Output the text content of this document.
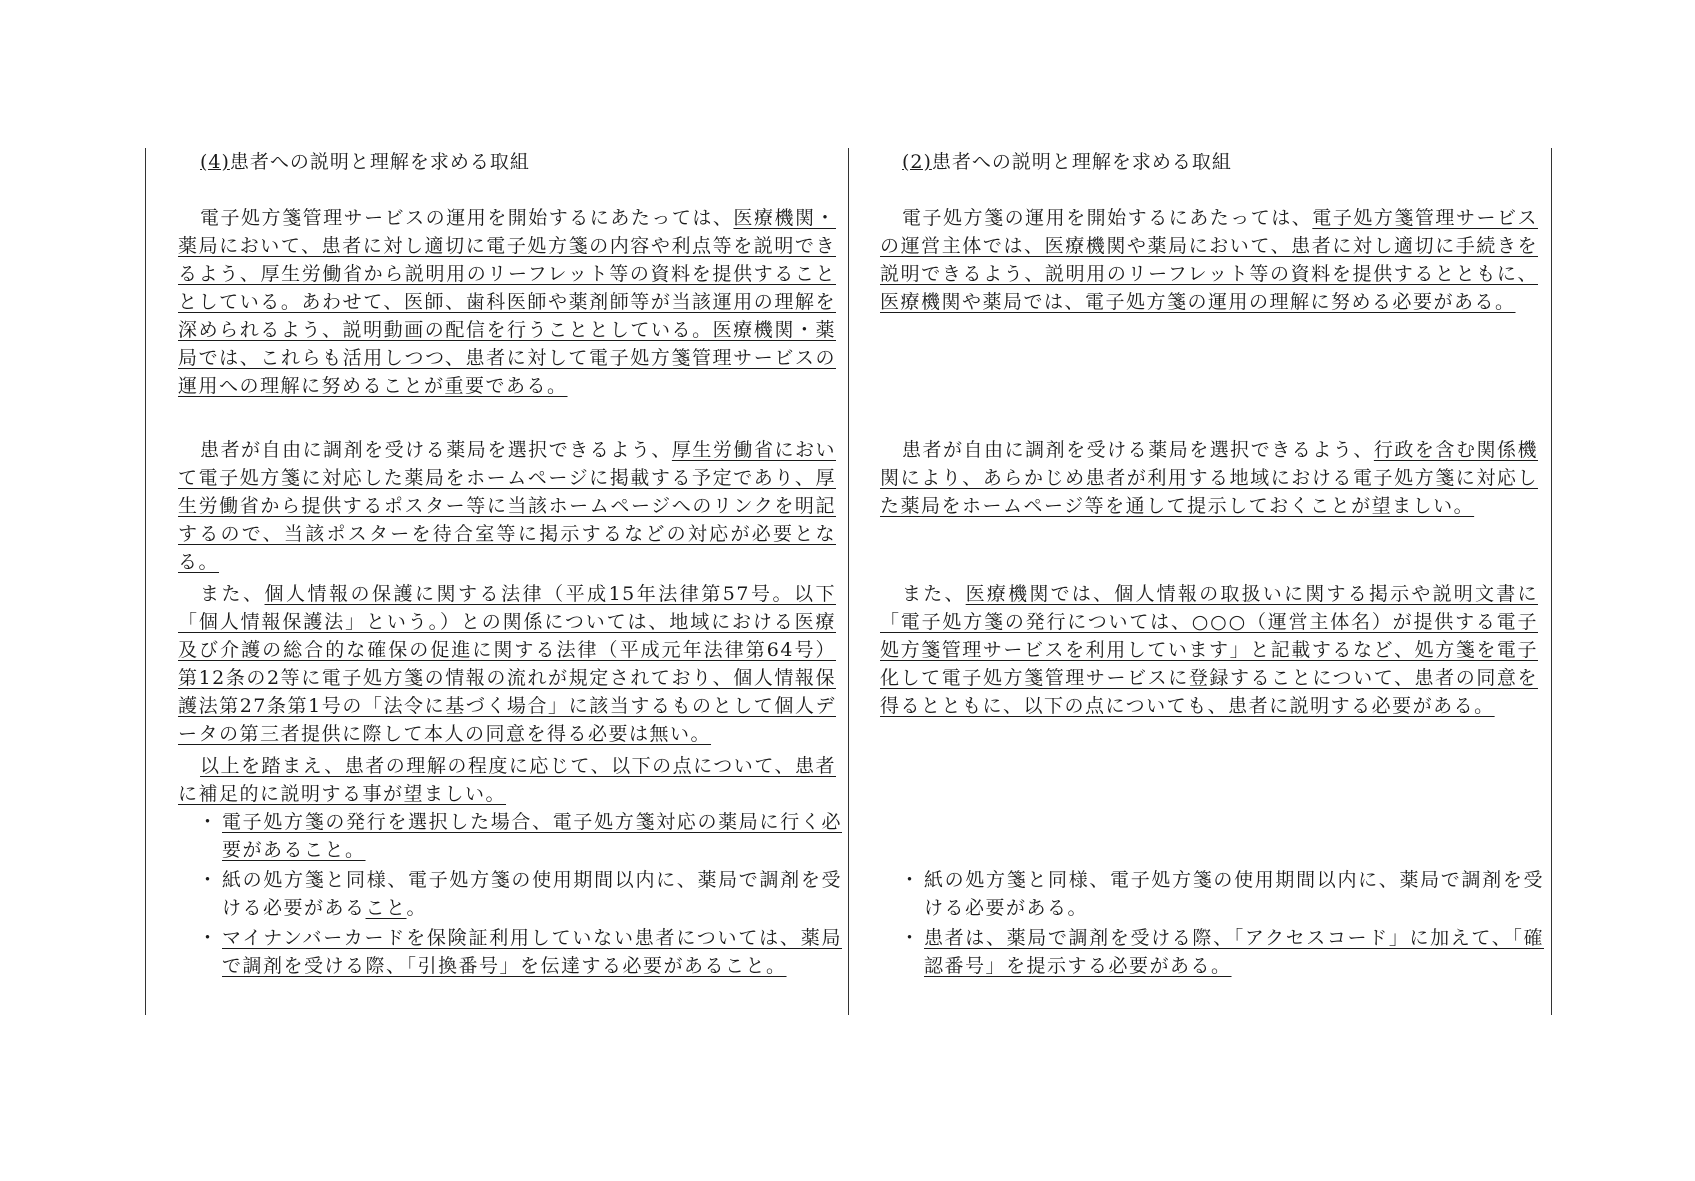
(4)患者への説明と理解を求める取組

電子処方箋管理サービスの運用を開始するにあたっては、医療機関・薬局において、患者に対し適切に電子処方箋の内容や利点等を説明できるよう、厚生労働省から説明用のリーフレット等の資料を提供することとしている。あわせて、医師、歯科医師や薬剤師等が当該運用の理解を深められるよう、説明動画の配信を行うこととしている。医療機関・薬局では、これらも活用しつつ、患者に対して電子処方箋管理サービスの運用への理解に努めることが重要である。

患者が自由に調剤を受ける薬局を選択できるよう、厚生労働省において電子処方箋に対応した薬局をホームページに掲載する予定であり、厚生労働省から提供するポスター等に当該ホームページへのリンクを明記するので、当該ポスターを待合室等に掲示するなどの対応が必要となる。

また、個人情報の保護に関する法律（平成15年法律第57号。以下「個人情報保護法」という。）との関係については、地域における医療及び介護の総合的な確保の促進に関する法律（平成元年法律第64号）第12条の2等に電子処方箋の情報の流れが規定されており、個人情報保護法第27条第1号の「法令に基づく場合」に該当するものとして個人データの第三者提供に際して本人の同意を得る必要は無い。

以上を踏まえ、患者の理解の程度に応じて、以下の点について、患者に補足的に説明する事が望ましい。

・ 電子処方箋の発行を選択した場合、電子処方箋対応の薬局に行く必要があること。

・ 紙の処方箋と同様、電子処方箋の使用期間以内に、薬局で調剤を受ける必要があること。

・ マイナンバーカードを保険証利用していない患者については、薬局で調剤を受ける際、「引換番号」を伝達する必要があること。

(2)患者への説明と理解を求める取組

電子処方箋の運用を開始するにあたっては、電子処方箋管理サービスの運営主体では、医療機関や薬局において、患者に対し適切に手続きを説明できるよう、説明用のリーフレット等の資料を提供するとともに、医療機関や薬局では、電子処方箋の運用の理解に努める必要がある。

患者が自由に調剤を受ける薬局を選択できるよう、行政を含む関係機関により、あらかじめ患者が利用する地域における電子処方箋に対応した薬局をホームページ等を通して提示しておくことが望ましい。

また、医療機関では、個人情報の取扱いに関する掲示や説明文書に「電子処方箋の発行については、○○○（運営主体名）が提供する電子処方箋管理サービスを利用しています」と記載するなど、処方箋を電子化して電子処方箋管理サービスに登録することについて、患者の同意を得るとともに、以下の点についても、患者に説明する必要がある。

・ 紙の処方箋と同様、電子処方箋の使用期間以内に、薬局で調剤を受ける必要がある。

・ 患者は、薬局で調剤を受ける際、「アクセスコード」に加えて、「確認番号」を提示する必要がある。
